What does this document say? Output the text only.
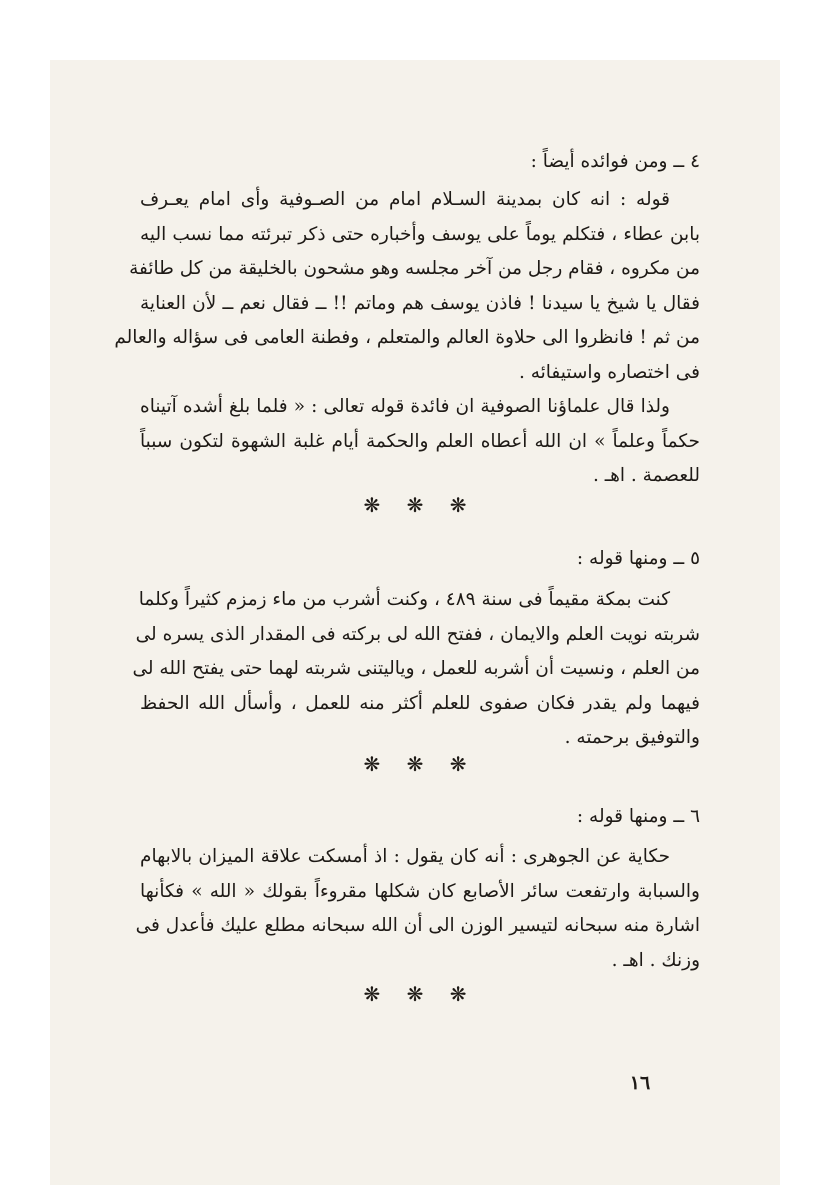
٤ ــ ومن فوائده أيضاً :
قوله : انه كان بمدينة السـلام امام من الصـوفية وأى امام يعـرف
بابن عطاء ، فتكلم يوماً على يوسف وأخباره حتى ذكر تبرئته مما نسب اليه
من مكروه ، فقام رجل من آخر مجلسه وهو مشحون بالخليقة من كل طائفة
فقال يا شيخ يا سيدنا ! فاذن يوسف هم وماتم !! ــ فقال نعم ــ لأن العناية
من ثم ! فانظروا الى حلاوة العالم والمتعلم ، وفطنة العامى فى سؤاله والعالم
فى اختصاره واستيفائه .
ولذا قال علماؤنا الصوفية ان فائدة قوله تعالى : « فلما بلغ أشده آتيناه
حكماً وعلماً » ان الله أعطاه العلم والحكمة أيام غلبة الشهوة لتكون سبباً
للعصمة . اهـ .
❋ ❋ ❋
٥ ــ ومنها قوله :
كنت بمكة مقيماً فى سنة ٤٨٩ ، وكنت أشرب من ماء زمزم كثيراً وكلما
شربته نويت العلم والايمان ، ففتح الله لى بركته فى المقدار الذى يسره لى
من العلم ، ونسيت أن أشربه للعمل ، وياليتنى شربته لهما حتى يفتح الله لى
فيهما ولم يقدر فكان صفوى للعلم أكثر منه للعمل ، وأسأل الله الحفظ
والتوفيق برحمته .
❋ ❋ ❋
٦ ــ ومنها قوله :
حكاية عن الجوهرى : أنه كان يقول : اذ أمسكت علاقة الميزان بالابهام
والسبابة وارتفعت سائر الأصابع كان شكلها مقروءاً بقولك « الله » فكأنها
اشارة منه سبحانه لتيسير الوزن الى أن الله سبحانه مطلع عليك فأعدل فى
وزنك . اهـ .
❋ ❋ ❋
١٦
